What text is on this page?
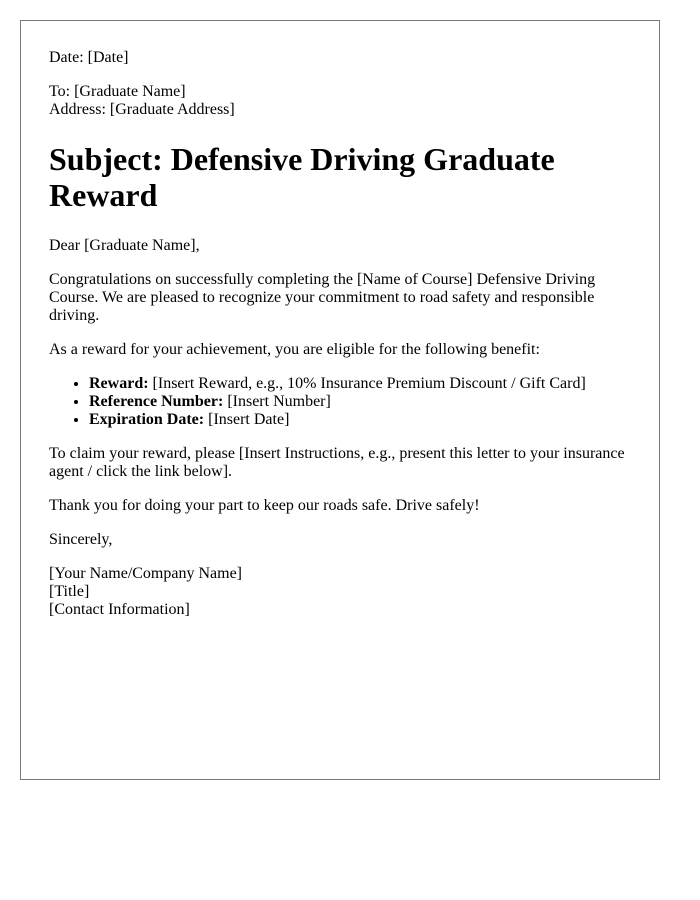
Date: [Date]

To: [Graduate Name]
Address: [Graduate Address]

Subject: Defensive Driving Graduate Reward

Dear [Graduate Name],

Congratulations on successfully completing the [Name of Course] Defensive Driving Course. We are pleased to recognize your commitment to road safety and responsible driving.

As a reward for your achievement, you are eligible for the following benefit:

• Reward: [Insert Reward, e.g., 10% Insurance Premium Discount / Gift Card]
• Reference Number: [Insert Number]
• Expiration Date: [Insert Date]

To claim your reward, please [Insert Instructions, e.g., present this letter to your insurance agent / click the link below].

Thank you for doing your part to keep our roads safe. Drive safely!

Sincerely,

[Your Name/Company Name]
[Title]
[Contact Information]
